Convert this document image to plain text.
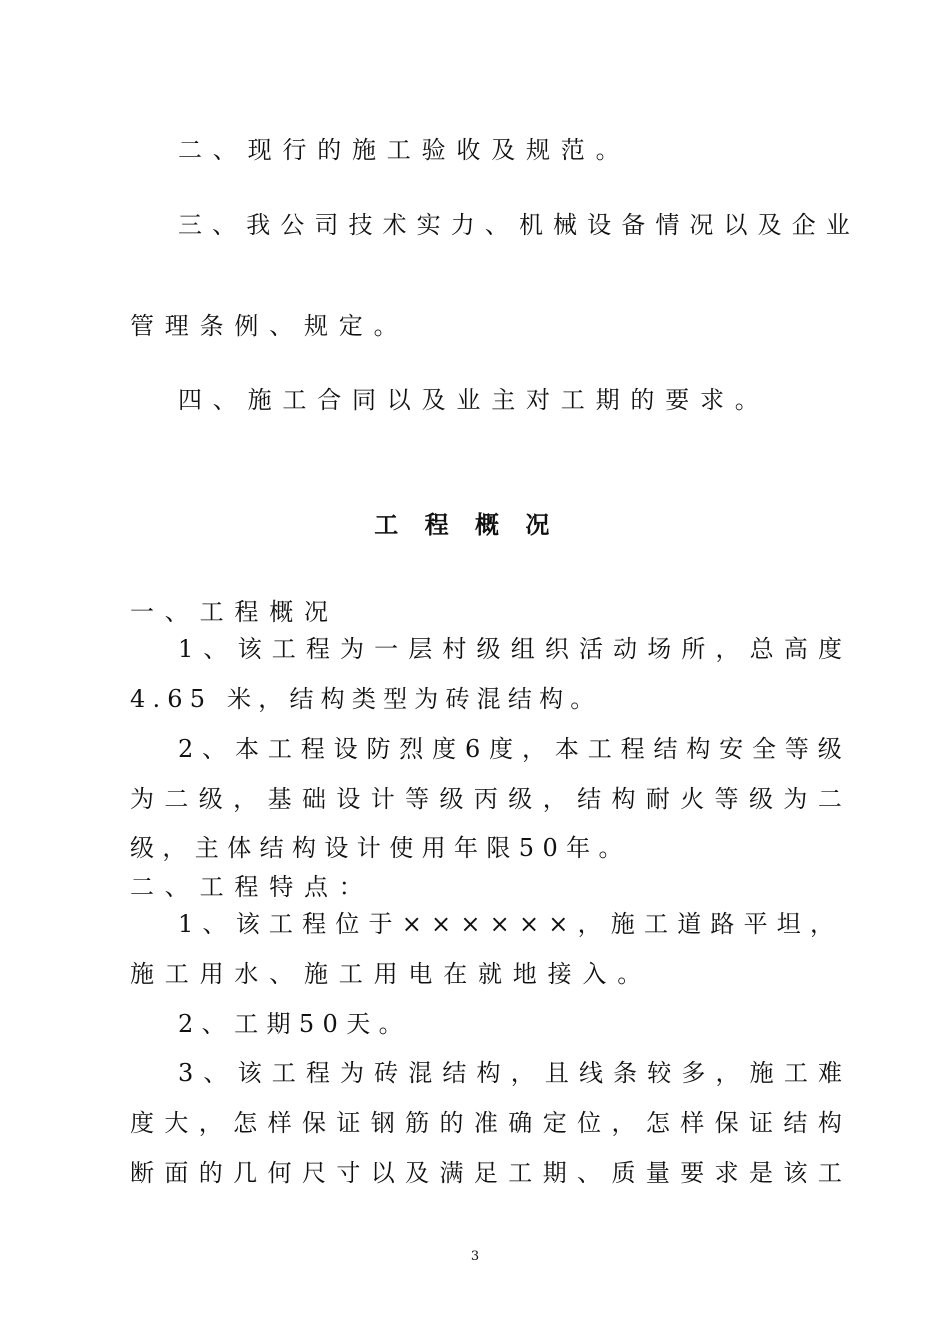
二、现行的施工验收及规范。
三 、 我 公 司 技 术 实 力 、 机 械 设 备 情 况 以 及 企 业
管理条例、规定。
四、施工合同以及业主对工期的要求。
工程概况
一、工程概况
1 、 该 工 程 为 一 层 村 级 组 织 活 动 场 所 ， 总 高 度
4.65 米，结构类型为砖混结构。
2 、 本 工 程 设 防 烈 度 6 度 ， 本 工 程 结 构 安 全 等 级
为 二 级 ， 基 础 设 计 等 级 丙 级 ， 结 构 耐 火 等 级 为 二
级，主体结构设计使用年限50年。
二、工程特点：
1 、 该 工 程 位 于 × × × × × × ， 施 工 道 路 平 坦 ，
施工用水、施工用电在就地接入。
2、工期50天。
3 、 该 工 程 为 砖 混 结 构 ， 且 线 条 较 多 ， 施 工 难
度 大 ， 怎 样 保 证 钢 筋 的 准 确 定 位 ， 怎 样 保 证 结 构
断 面 的 几 何 尺 寸 以 及 满 足 工 期 、 质 量 要 求 是 该 工
3
